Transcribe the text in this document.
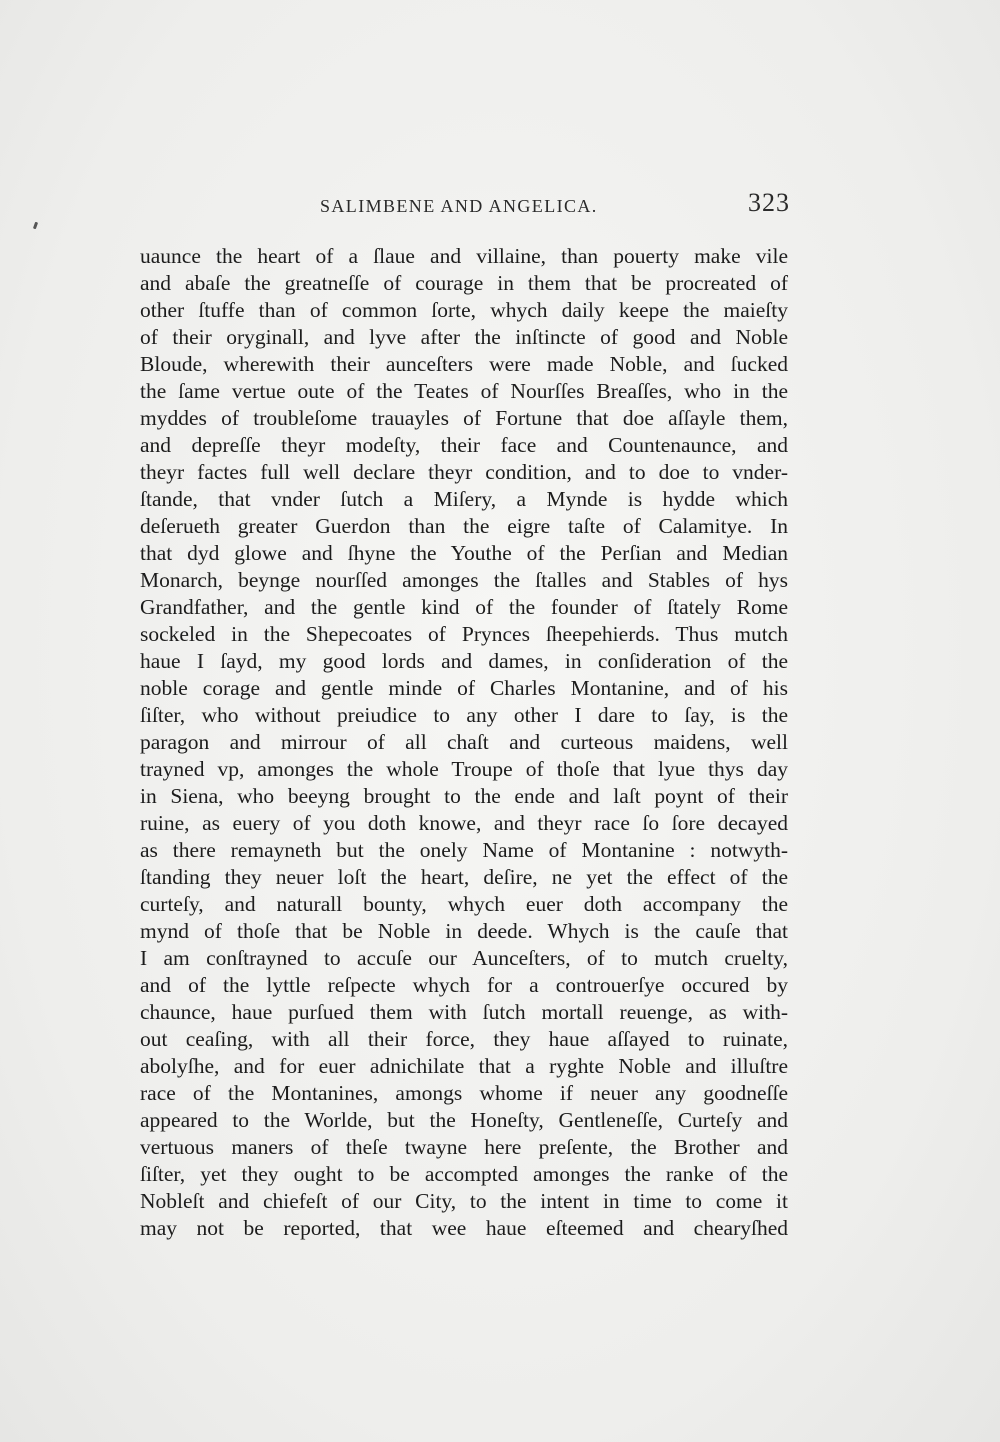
SALIMBENE AND ANGELICA.	323
uaunce the heart of a ſlaue and villaine, than pouerty make vile
and abaſe the greatneſſe of courage in them that be procreated of
other ſtuffe than of common ſorte, whych daily keepe the maieſty
of their oryginall, and lyve after the inſtincte of good and Noble
Bloude, wherewith their aunceſters were made Noble, and ſucked
the ſame vertue oute of the Teates of Nourſſes Breaſſes, who in the
myddes of troubleſome trauayles of Fortune that doe aſſayle them,
and depreſſe theyr modeſty, their face and Countenaunce, and
theyr factes full well declare theyr condition, and to doe to vnder-
ſtande, that vnder ſutch a Miſery, a Mynde is hydde which
deſerueth greater Guerdon than the eigre taſte of Calamitye. In
that dyd glowe and ſhyne the Youthe of the Perſian and Median
Monarch, beynge nourſſed amonges the ſtalles and Stables of hys
Grandfather, and the gentle kind of the founder of ſtately Rome
sockeled in the Shepecoates of Prynces ſheepehierds. Thus mutch
haue I ſayd, my good lords and dames, in conſideration of the
noble corage and gentle minde of Charles Montanine, and of his
ſiſter, who without preiudice to any other I dare to ſay, is the
paragon and mirrour of all chaſt and curteous maidens, well
trayned vp, amonges the whole Troupe of thoſe that lyue thys day
in Siena, who beeyng brought to the ende and laſt poynt of their
ruine, as euery of you doth knowe, and theyr race ſo ſore decayed
as there remayneth but the onely Name of Montanine : notwyth-
ſtanding they neuer loſt the heart, deſire, ne yet the effect of the
curteſy, and naturall bounty, whych euer doth accompany the
mynd of thoſe that be Noble in deede. Whych is the cauſe that
I am conſtrayned to accuſe our Aunceſters, of to mutch cruelty,
and of the lyttle reſpecte whych for a controuerſye occured by
chaunce, haue purſued them with ſutch mortall reuenge, as with-
out ceaſing, with all their force, they haue aſſayed to ruinate,
abolyſhe, and for euer adnichilate that a ryghte Noble and illuſtre
race of the Montanines, amongs whome if neuer any goodneſſe
appeared to the Worlde, but the Honeſty, Gentleneſſe, Curteſy and
vertuous maners of theſe twayne here preſente, the Brother and
ſiſter, yet they ought to be accompted amonges the ranke of the
Nobleſt and chiefeſt of our City, to the intent in time to come it
may not be reported, that wee haue eſteemed and chearyſhed
